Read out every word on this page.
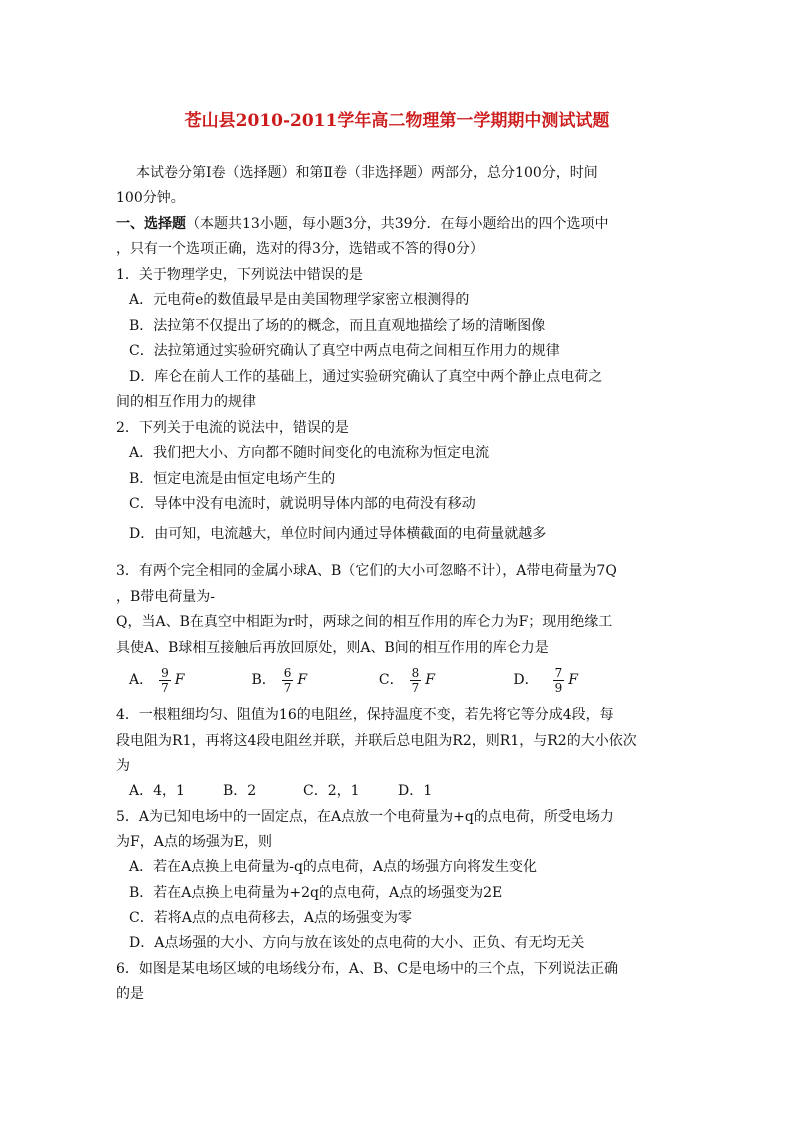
苍山县2010-2011学年高二物理第一学期期中测试试题
本试卷分第Ⅰ卷（选择题）和第Ⅱ卷（非选择题）两部分，总分100分，时间
100分钟。
一、选择题（本题共13小题，每小题3分，共39分．在每小题给出的四个选项中
，只有一个选项正确，选对的得3分，选错或不答的得0分）
1．关于物理学史，下列说法中错误的是
A．元电荷e的数值最早是由美国物理学家密立根测得的
B．法拉第不仅提出了场的的概念，而且直观地描绘了场的清晰图像
C．法拉第通过实验研究确认了真空中两点电荷之间相互作用力的规律
D．库仑在前人工作的基础上，通过实验研究确认了真空中两个静止点电荷之
间的相互作用力的规律
2．下列关于电流的说法中，错误的是
A．我们把大小、方向都不随时间变化的电流称为恒定电流
B．恒定电流是由恒定电场产生的
C．导体中没有电流时，就说明导体内部的电荷没有移动
D．由可知，电流越大，单位时间内通过导体横截面的电荷量就越多
3．有两个完全相同的金属小球A、B（它们的大小可忽略不计），A带电荷量为7Q
，B带电荷量为-
Q，当A、B在真空中相距为r时，两球之间的相互作用的库仑力为F；现用绝缘工
具使A、B球相互接触后再放回原处，则A、B间的相互作用的库仑力是
A． $\frac{9}{7}$ F	B． $\frac{6}{7}$ F	C． $\frac{8}{7}$ F	D． $\frac{7}{9}$ F
4．一根粗细均匀、阻值为16的电阻丝，保持温度不变，若先将它等分成4段，每
段电阻为R1，再将这4段电阻丝并联，并联后总电阻为R2，则R1，与R2的大小依次
为
A．4，1	B．2	C．2，1	D．1
5．A为已知电场中的一固定点，在A点放一个电荷量为+q的点电荷，所受电场力
为F，A点的场强为E，则
A．若在A点换上电荷量为-q的点电荷，A点的场强方向将发生变化
B．若在A点换上电荷量为+2q的点电荷，A点的场强变为2E
C．若将A点的点电荷移去，A点的场强变为零
D．A点场强的大小、方向与放在该处的点电荷的大小、正负、有无均无关
6．如图是某电场区域的电场线分布，A、B、C是电场中的三个点，下列说法正确
的是
